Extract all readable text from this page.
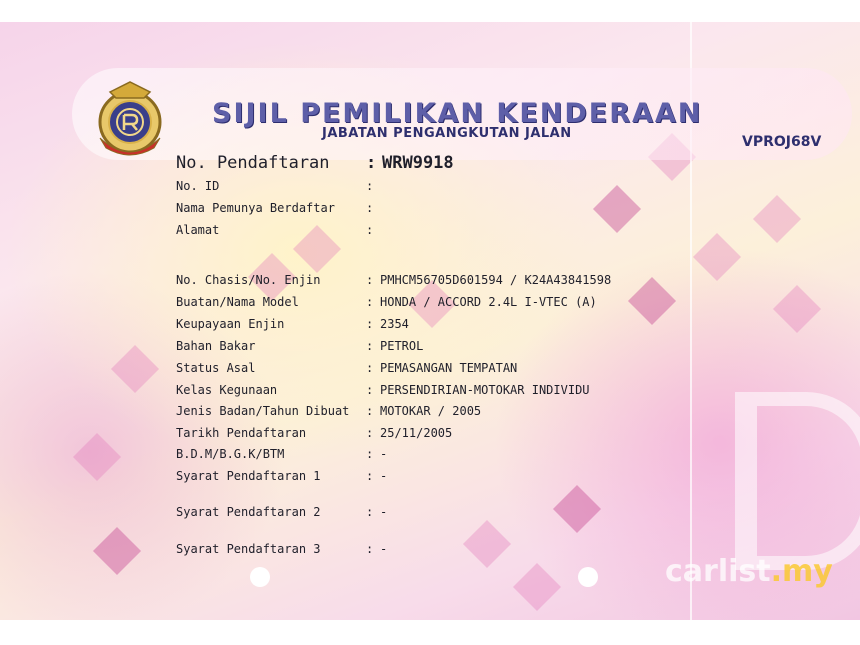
SIJIL PEMILIKAN KENDERAAN
JABATAN PENGANGKUTAN JALAN
VPROJ68V
No. Pendaftaran : WRW9918
No. ID	:
Nama Pemunya Berdaftar	:
Alamat	:
No. Chasis/No. Enjin	: PMHCM56705D601594 / K24A43841598
Buatan/Nama Model	: HONDA / ACCORD 2.4L I-VTEC (A)
Keupayaan Enjin	: 2354
Bahan Bakar	: PETROL
Status Asal	: PEMASANGAN TEMPATAN
Kelas Kegunaan	: PERSENDIRIAN-MOTOKAR INDIVIDU
Jenis Badan/Tahun Dibuat : MOTOKAR / 2005
Tarikh Pendaftaran	: 25/11/2005
B.D.M/B.G.K/BTM	: -
Syarat Pendaftaran 1	: -
Syarat Pendaftaran 2	: -
Syarat Pendaftaran 3	: -
carlist.my
